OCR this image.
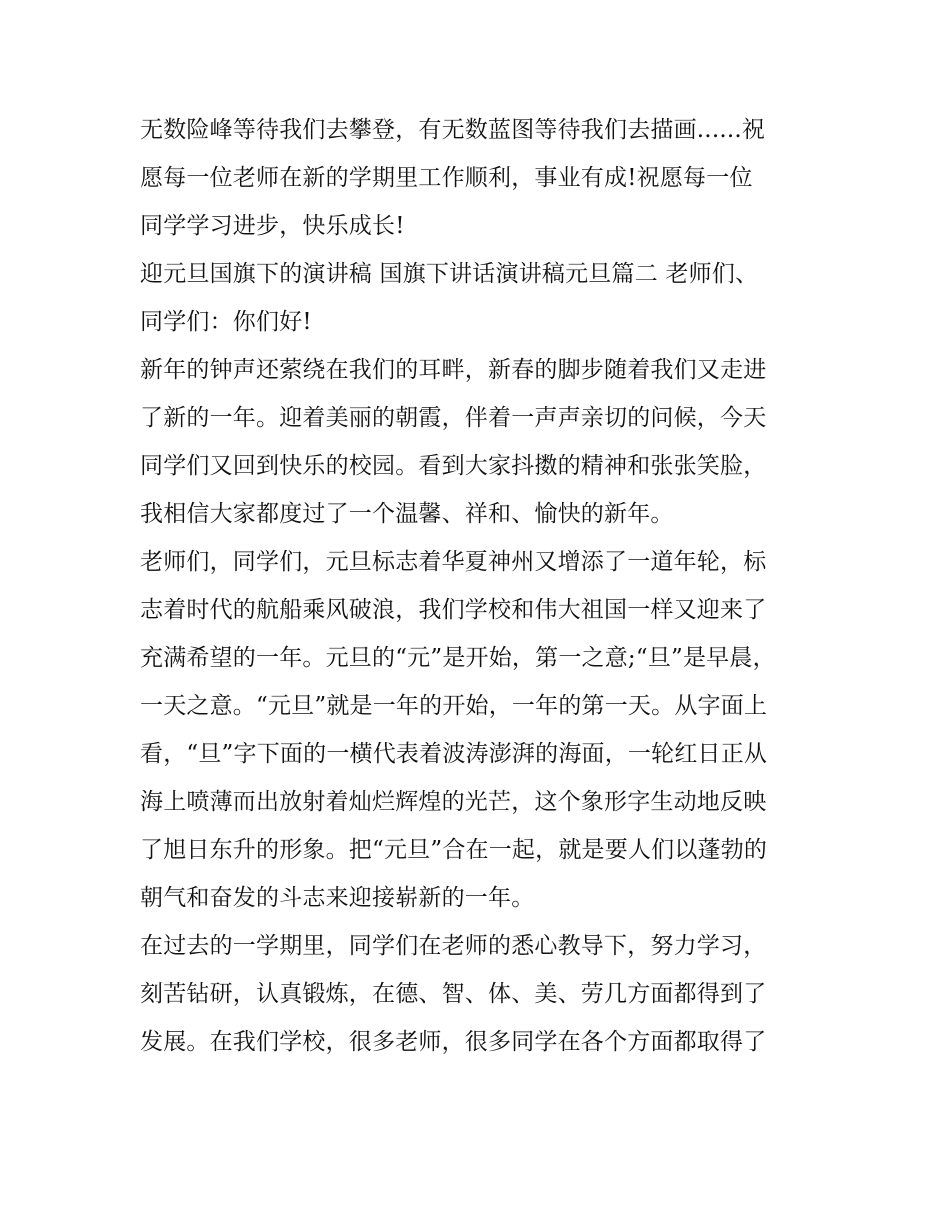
无数险峰等待我们去攀登，有无数蓝图等待我们去描画......祝
愿每一位老师在新的学期里工作顺利，事业有成!祝愿每一位
同学学习进步，快乐成长!
迎元旦国旗下的演讲稿 国旗下讲话演讲稿元旦篇二 老师们、
同学们：你们好!
新年的钟声还萦绕在我们的耳畔，新春的脚步随着我们又走进
了新的一年。迎着美丽的朝霞，伴着一声声亲切的问候，今天
同学们又回到快乐的校园。看到大家抖擞的精神和张张笑脸，
我相信大家都度过了一个温馨、祥和、愉快的新年。
老师们，同学们，元旦标志着华夏神州又增添了一道年轮，标
志着时代的航船乘风破浪，我们学校和伟大祖国一样又迎来了
充满希望的一年。元旦的“元”是开始，第一之意;“旦”是早晨，
一天之意。“元旦”就是一年的开始，一年的第一天。从字面上
看，“旦”字下面的一横代表着波涛澎湃的海面，一轮红日正从
海上喷薄而出放射着灿烂辉煌的光芒，这个象形字生动地反映
了旭日东升的形象。把“元旦”合在一起，就是要人们以蓬勃的
朝气和奋发的斗志来迎接崭新的一年。
在过去的一学期里，同学们在老师的悉心教导下，努力学习，
刻苦钻研，认真锻炼，在德、智、体、美、劳几方面都得到了
发展。在我们学校，很多老师，很多同学在各个方面都取得了
